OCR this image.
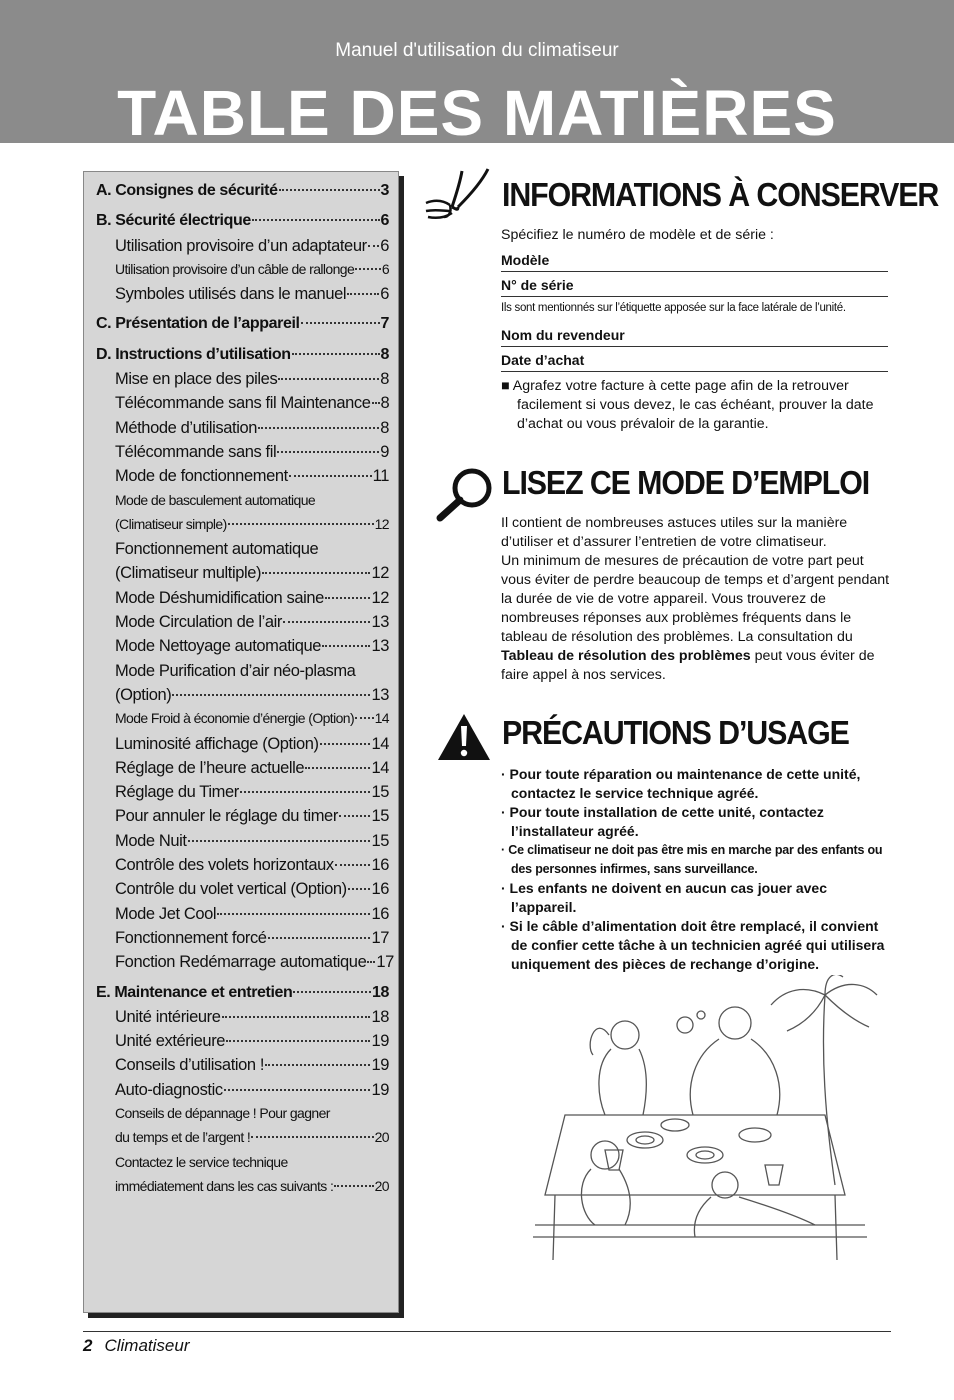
Manuel d'utilisation du climatiseur
TABLE DES MATIÈRES
A. Consignes de sécurité	3
B. Sécurité électrique	6
Utilisation provisoire d’un adaptateur 6
Utilisation provisoire d’un câble de rallonge 6
Symboles utilisés dans le manuel 6
C. Présentation de l’appareil	7
D. Instructions d’utilisation	8
Mise en place des piles	8
Télécommande sans fil Maintenance 8
Méthode d’utilisation	8
Télécommande sans fil	9
Mode de fonctionnement	11
Mode de basculement automatique
(Climatiseur simple)	12
Fonctionnement automatique
(Climatiseur multiple)	12
Mode Déshumidification saine	12
Mode Circulation de l’air	13
Mode Nettoyage automatique	13
Mode Purification d’air néo-plasma
(Option)	13
Mode Froid à économie d’énergie (Option) 14
Luminosité affichage (Option)	14
Réglage de l’heure actuelle	14
Réglage du Timer	15
Pour annuler le réglage du timer 15
Mode Nuit	15
Contrôle des volets horizontaux 16
Contrôle du volet vertical (Option) 16
Mode Jet Cool	16
Fonctionnement forcé	17
Fonction Redémarrage automatique 17
E. Maintenance et entretien	18
Unité intérieure	18
Unité extérieure	19
Conseils d’utilisation !	19
Auto-diagnostic	19
Conseils de dépannage ! Pour gagner
du temps et de l’argent !	20
Contactez le service technique
immédiatement dans les cas suivants :	20
INFORMATIONS À CONSERVER
Spécifiez le numéro de modèle et de série :
Modèle
N° de série
Ils sont mentionnés sur l’étiquette apposée sur la face latérale de l’unité.
Nom du revendeur
Date d’achat
■ Agrafez votre facture à cette page afin de la retrouver facilement si vous devez, le cas échéant, prouver la date d’achat ou vous prévaloir de la garantie.
LISEZ CE MODE D’EMPLOI
Il contient de nombreuses astuces utiles sur la manière d’utiliser et d’assurer l’entretien de votre climatiseur.
Un minimum de mesures de précaution de votre part peut vous éviter de perdre beaucoup de temps et d’argent pendant la durée de vie de votre appareil. Vous trouverez de nombreuses réponses aux problèmes fréquents dans le tableau de résolution des problèmes. La consultation du Tableau de résolution des problèmes peut vous éviter de faire appel à nos services.
PRÉCAUTIONS D’USAGE
· Pour toute réparation ou maintenance de cette unité, contactez le service technique agréé.
· Pour toute installation de cette unité, contactez l’installateur agréé.
· Ce climatiseur ne doit pas être mis en marche par des enfants ou des personnes infirmes, sans surveillance.
· Les enfants ne doivent en aucun cas jouer avec l’appareil.
· Si le câble d’alimentation doit être remplacé, il convient de confier cette tâche à un technicien agréé qui utilisera uniquement des pièces de rechange d’origine.
2 Climatiseur
